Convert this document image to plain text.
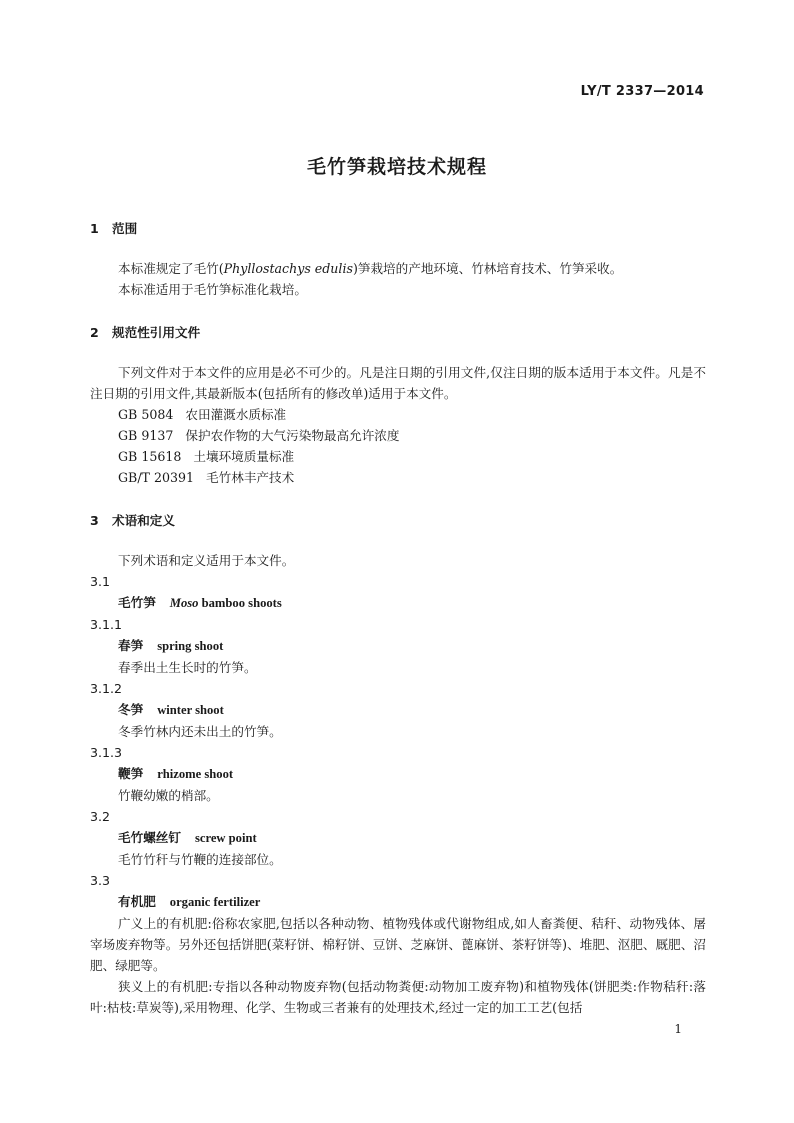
LY/T 2337—2014
毛竹笋栽培技术规程
1 范围

本标准规定了毛竹(Phyllostachys edulis)笋栽培的产地环境、竹林培育技术、竹笋采收。

本标准适用于毛竹笋标准化栽培。

2 规范性引用文件

下列文件对于本文件的应用是必不可少的。凡是注日期的引用文件,仅注日期的版本适用于本文件。凡是不注日期的引用文件,其最新版本(包括所有的修改单)适用于本文件。

GB 5084 农田灌溉水质标准
GB 9137 保护农作物的大气污染物最高允许浓度
GB 15618 土壤环境质量标准
GB/T 20391 毛竹林丰产技术
3 术语和定义

下列术语和定义适用于本文件。

3.1
毛竹笋 Moso bamboo shoots
3.1.1
春笋 spring shoot
春季出土生长时的竹笋。
3.1.2
冬笋 winter shoot
冬季竹林内还未出土的竹笋。
3.1.3
鞭笋 rhizome shoot
竹鞭幼嫩的梢部。
3.2
毛竹螺丝钉 screw point
毛竹竹秆与竹鞭的连接部位。
3.3
有机肥 organic fertilizer

广义上的有机肥:俗称农家肥,包括以各种动物、植物残体或代谢物组成,如人畜粪便、秸秆、动物残体、屠宰场废弃物等。另外还包括饼肥(菜籽饼、棉籽饼、豆饼、芝麻饼、蓖麻饼、茶籽饼等)、堆肥、沤肥、厩肥、沼肥、绿肥等。

狭义上的有机肥:专指以各种动物废弃物(包括动物粪便:动物加工废弃物)和植物残体(饼肥类:作物秸秆:落叶:枯枝:草炭等),采用物理、化学、生物或三者兼有的处理技术,经过一定的加工工艺(包括

1
